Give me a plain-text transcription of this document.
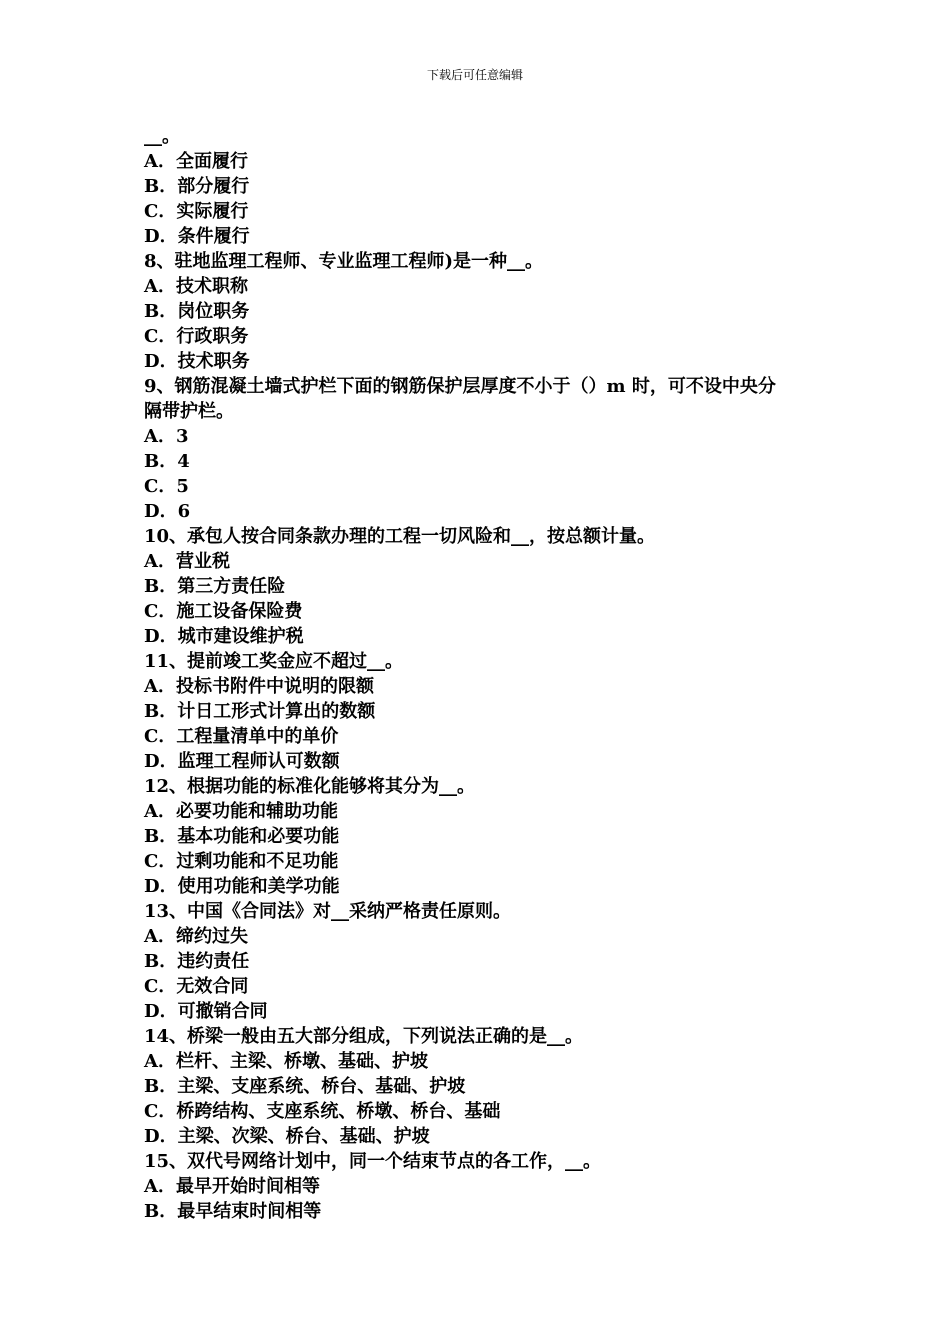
下载后可任意编辑
__。
A．全面履行
B．部分履行
C．实际履行
D．条件履行
8、驻地监理工程师、专业监理工程师)是一种__。
A．技术职称
B．岗位职务
C．行政职务
D．技术职务
9、钢筋混凝土墙式护栏下面的钢筋保护层厚度不小于（）m 时，可不设中央分
隔带护栏。
A．3
B．4
C．5
D．6
10、承包人按合同条款办理的工程一切风险和__，按总额计量。
A．营业税
B．第三方责任险
C．施工设备保险费
D．城市建设维护税
11、提前竣工奖金应不超过__。
A．投标书附件中说明的限额
B．计日工形式计算出的数额
C．工程量清单中的单价
D．监理工程师认可数额
12、根据功能的标准化能够将其分为__。
A．必要功能和辅助功能
B．基本功能和必要功能
C．过剩功能和不足功能
D．使用功能和美学功能
13、中国《合同法》对__采纳严格责任原则。
A．缔约过失
B．违约责任
C．无效合同
D．可撤销合同
14、桥梁一般由五大部分组成，下列说法正确的是__。
A．栏杆、主梁、桥墩、基础、护坡
B．主梁、支座系统、桥台、基础、护坡
C．桥跨结构、支座系统、桥墩、桥台、基础
D．主梁、次梁、桥台、基础、护坡
15、双代号网络计划中，同一个结束节点的各工作，__。
A．最早开始时间相等
B．最早结束时间相等
